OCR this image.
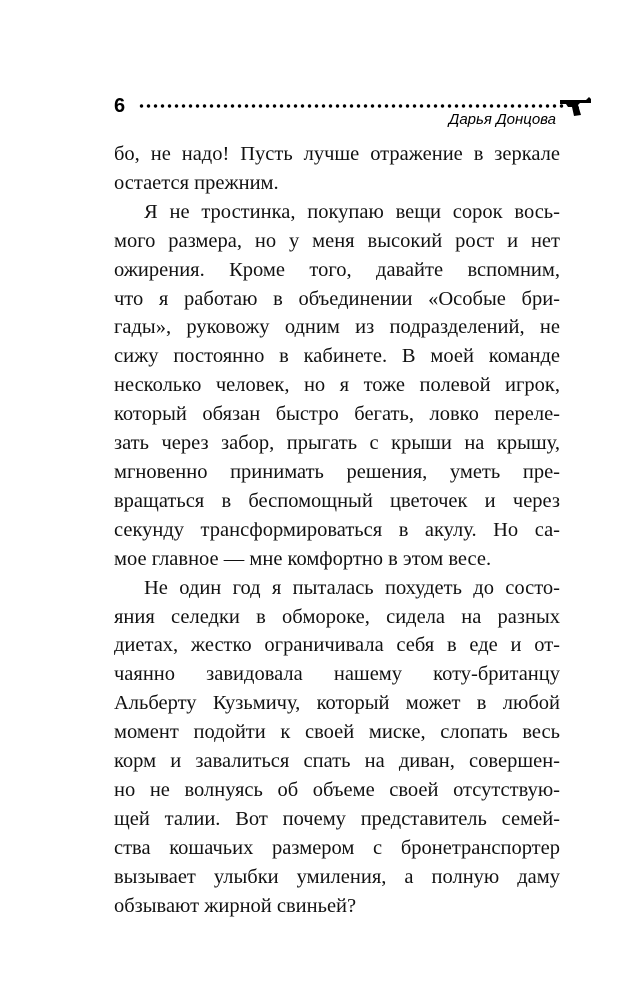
6
Дарья Донцова
бо, не надо! Пусть лучше отражение в зеркале
остается прежним.
Я не тростинка, покупаю вещи сорок вось-
мого размера, но у меня высокий рост и нет
ожирения. Кроме того, давайте вспомним,
что я работаю в объединении «Особые бри-
гады», руковожу одним из подразделений, не
сижу постоянно в кабинете. В моей команде
несколько человек, но я тоже полевой игрок,
который обязан быстро бегать, ловко переле-
зать через забор, прыгать с крыши на крышу,
мгновенно принимать решения, уметь пре-
вращаться в беспомощный цветочек и через
секунду трансформироваться в акулу. Но са-
мое главное — мне комфортно в этом весе.
Не один год я пыталась похудеть до состо-
яния селедки в обмороке, сидела на разных
диетах, жестко ограничивала себя в еде и от-
чаянно завидовала нашему коту-британцу
Альберту Кузьмичу, который может в любой
момент подойти к своей миске, слопать весь
корм и завалиться спать на диван, совершен-
но не волнуясь об объеме своей отсутствую-
щей талии. Вот почему представитель семей-
ства кошачьих размером с бронетранспортер
вызывает улыбки умиления, а полную даму
обзывают жирной свиньей?
